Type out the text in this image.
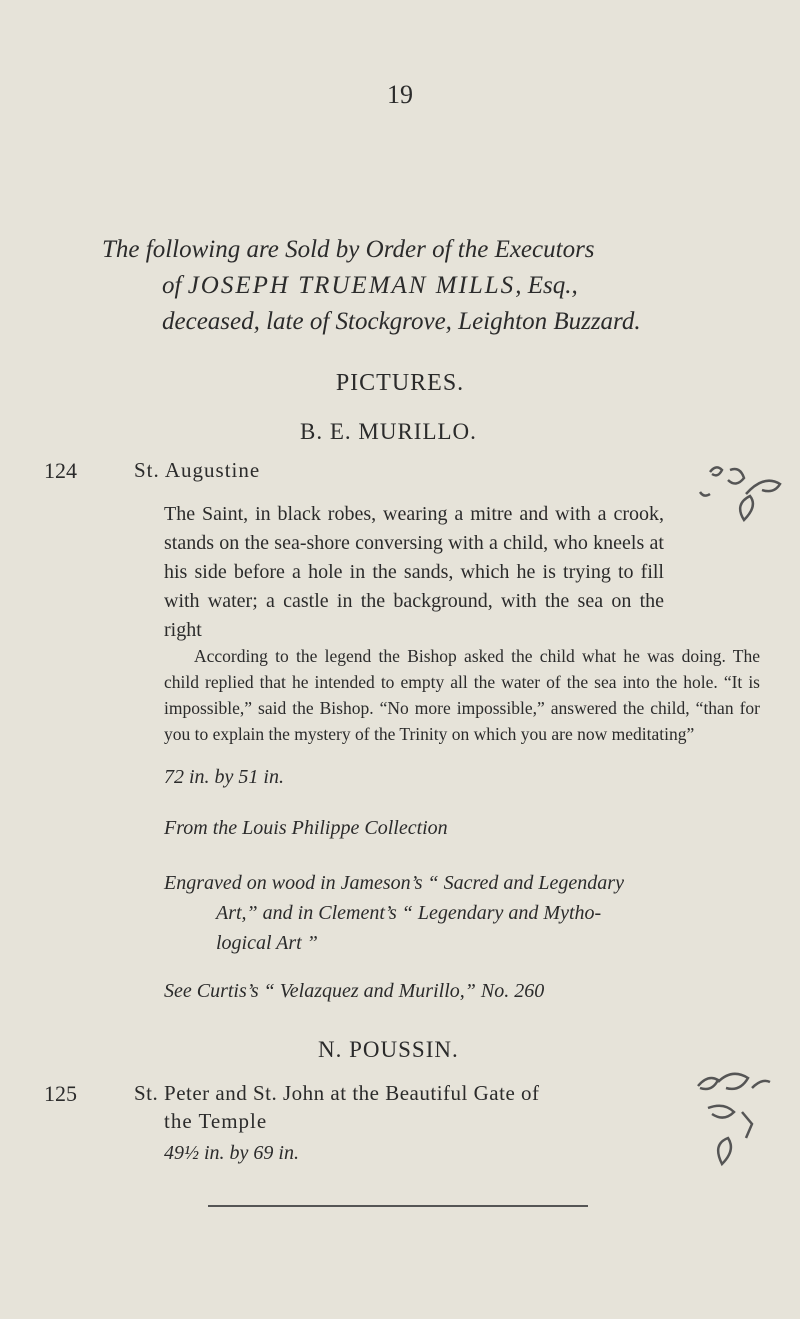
19

The following are Sold by Order of the Executors

of JOSEPH TRUEMAN MILLS, Esq.,

deceased, late of Stockgrove, Leighton Buzzard.

PICTURES.
B. E. MURILLO.
124	St. Augustine
The Saint, in black robes, wearing a mitre and with a crook, stands on the sea-shore conversing with a child, who kneels at his side before a hole in the sands, which he is trying to fill with water; a castle in the background, with the sea on the right
According to the legend the Bishop asked the child what he was doing. The child replied that he intended to empty all the water of the sea into the hole. “It is impossible,” said the Bishop. “No more impossible,” answered the child, “than for you to explain the mystery of the Trinity on which you are now meditating”
72 in. by 51 in.
From the Louis Philippe Collection
Engraved on wood in Jameson’s “ Sacred and Legendary
Art,” and in Clement’s “ Legendary and Mytho-
logical Art ”
See Curtis’s “ Velazquez and Murillo,” No. 260
N. POUSSIN.
125	St. Peter and St. John at the Beautiful Gate of
the Temple
49½ in. by 69 in.
